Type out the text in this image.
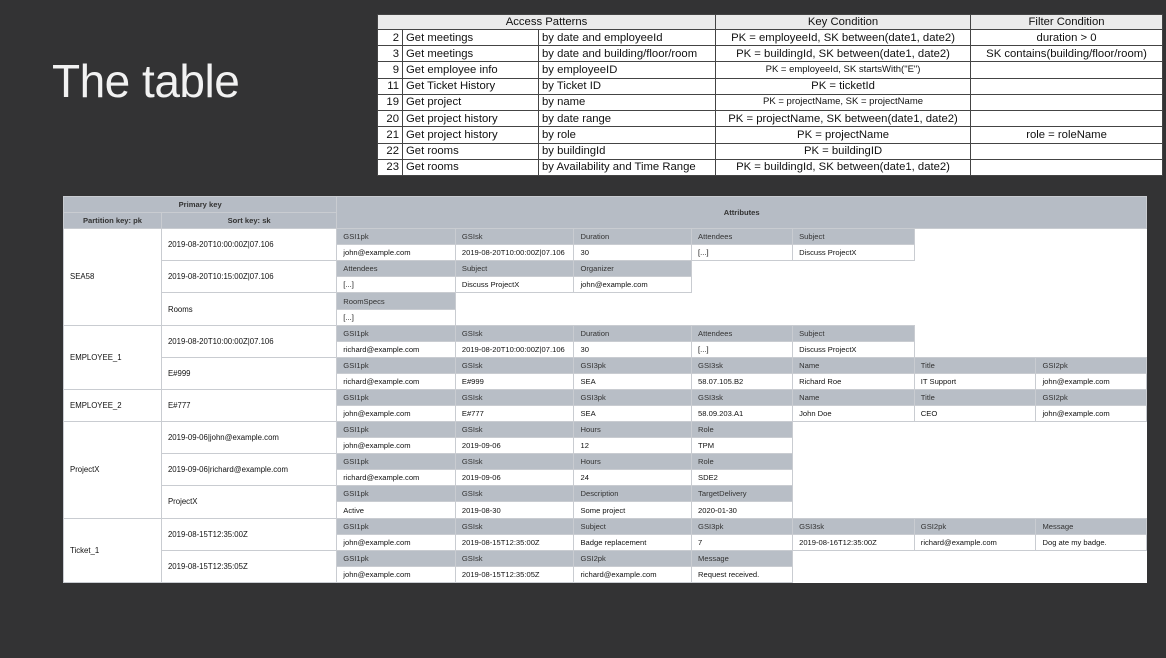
The table
Access Patterns			Key Condition	Filter Condition
2	Get meetings	by date and employeeId	PK = employeeId, SK between(date1, date2)	duration > 0
3	Get meetings	by date and building/floor/room	PK = buildingId, SK between(date1, date2)	SK contains(building/floor/room)
9	Get employee info	by employeeID	PK = employeeId, SK startsWith("E")	
11	Get Ticket History	by Ticket ID	PK = ticketId	
19	Get project	by name	PK = projectName, SK = projectName	
20	Get project history	by date range	PK = projectName, SK between(date1, date2)	
21	Get project history	by role	PK = projectName	role = roleName
22	Get rooms	by buildingId	PK = buildingID	
23	Get rooms	by Availability and Time Range	PK = buildingId, SK between(date1, date2)	
Primary key		Attributes						
Partition key: pk	Sort key: sk							
SEA58	2019-08-20T10:00:00Z|07.106	GSI1pk	GSIsk	Duration	Attendees	Subject		
		john@example.com	2019-08-20T10:00:00Z|07.106	30	[...]	Discuss ProjectX		
	2019-08-20T10:15:00Z|07.106	Attendees	Subject	Organizer				
		[...]	Discuss ProjectX	john@example.com				
	Rooms	RoomSpecs						
		[...]						
EMPLOYEE_1	2019-08-20T10:00:00Z|07.106	GSI1pk	GSIsk	Duration	Attendees	Subject		
		richard@example.com	2019-08-20T10:00:00Z|07.106	30	[...]	Discuss ProjectX		
	E#999	GSI1pk	GSIsk	GSI3pk	GSI3sk	Name	Title	GSI2pk
		richard@example.com	E#999	SEA	58.07.105.B2	Richard Roe	IT Support	john@example.com
EMPLOYEE_2	E#777	GSI1pk	GSIsk	GSI3pk	GSI3sk	Name	Title	GSI2pk
		john@example.com	E#777	SEA	58.09.203.A1	John Doe	CEO	john@example.com
ProjectX	2019-09-06|john@example.com	GSI1pk	GSIsk	Hours	Role			
		john@example.com	2019-09-06	12	TPM			
	2019-09-06|richard@example.com	GSI1pk	GSIsk	Hours	Role			
		richard@example.com	2019-09-06	24	SDE2			
	ProjectX	GSI1pk	GSIsk	Description	TargetDelivery			
		Active	2019-08-30	Some project	2020-01-30			
Ticket_1	2019-08-15T12:35:00Z	GSI1pk	GSIsk	Subject	GSI3pk	GSI3sk	GSI2pk	Message
		john@example.com	2019-08-15T12:35:00Z	Badge replacement	7	2019-08-16T12:35:00Z	richard@example.com	Dog ate my badge.
	2019-08-15T12:35:05Z	GSI1pk	GSIsk	GSI2pk	Message			
		john@example.com	2019-08-15T12:35:05Z	richard@example.com	Request received.			
